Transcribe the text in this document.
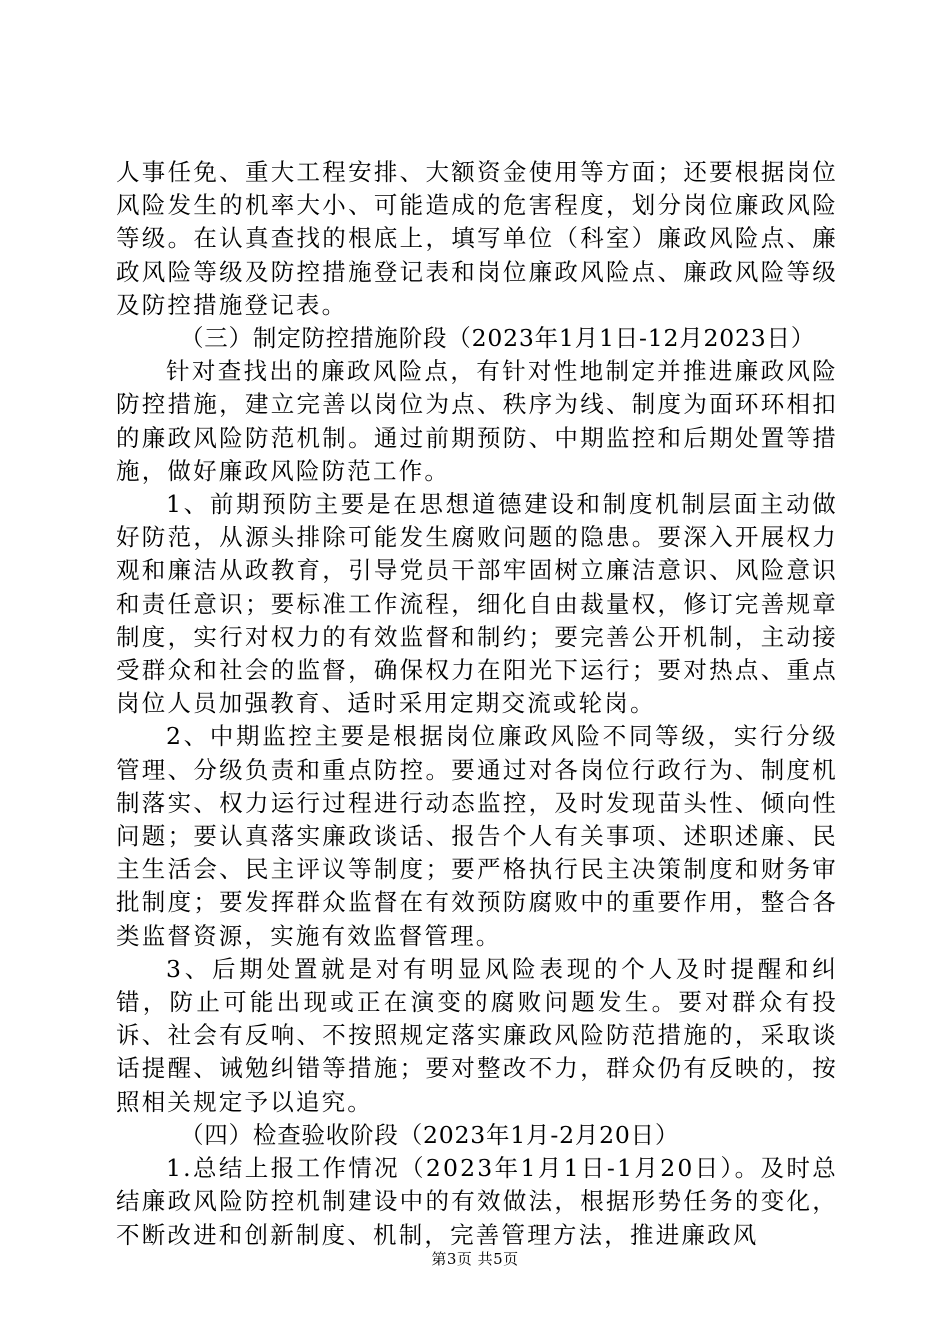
人事任免、重大工程安排、大额资金使用等方面；还要根据岗位风险发生的机率大小、可能造成的危害程度，划分岗位廉政风险等级。在认真查找的根底上，填写单位（科室）廉政风险点、廉政风险等级及防控措施登记表和岗位廉政风险点、廉政风险等级及防控措施登记表。

（三）制定防控措施阶段（2023年1月1日-12月2023日）

针对查找出的廉政风险点，有针对性地制定并推进廉政风险防控措施，建立完善以岗位为点、秩序为线、制度为面环环相扣的廉政风险防范机制。通过前期预防、中期监控和后期处置等措施，做好廉政风险防范工作。

1、前期预防主要是在思想道德建设和制度机制层面主动做好防范，从源头排除可能发生腐败问题的隐患。要深入开展权力观和廉洁从政教育，引导党员干部牢固树立廉洁意识、风险意识和责任意识；要标准工作流程，细化自由裁量权，修订完善规章制度，实行对权力的有效监督和制约；要完善公开机制，主动接受群众和社会的监督，确保权力在阳光下运行；要对热点、重点岗位人员加强教育、适时采用定期交流或轮岗。

2、中期监控主要是根据岗位廉政风险不同等级，实行分级管理、分级负责和重点防控。要通过对各岗位行政行为、制度机制落实、权力运行过程进行动态监控，及时发现苗头性、倾向性问题；要认真落实廉政谈话、报告个人有关事项、述职述廉、民主生活会、民主评议等制度；要严格执行民主决策制度和财务审批制度；要发挥群众监督在有效预防腐败中的重要作用，整合各类监督资源，实施有效监督管理。

3、后期处置就是对有明显风险表现的个人及时提醒和纠错，防止可能出现或正在演变的腐败问题发生。要对群众有投诉、社会有反响、不按照规定落实廉政风险防范措施的，采取谈话提醒、诫勉纠错等措施；要对整改不力，群众仍有反映的，按照相关规定予以追究。

（四）检查验收阶段（2023年1月-2月20日）

1.总结上报工作情况（2023年1月1日-1月20日）。及时总结廉政风险防控机制建设中的有效做法，根据形势任务的变化，不断改进和创新制度、机制，完善管理方法，推进廉政风

第3页 共5页
